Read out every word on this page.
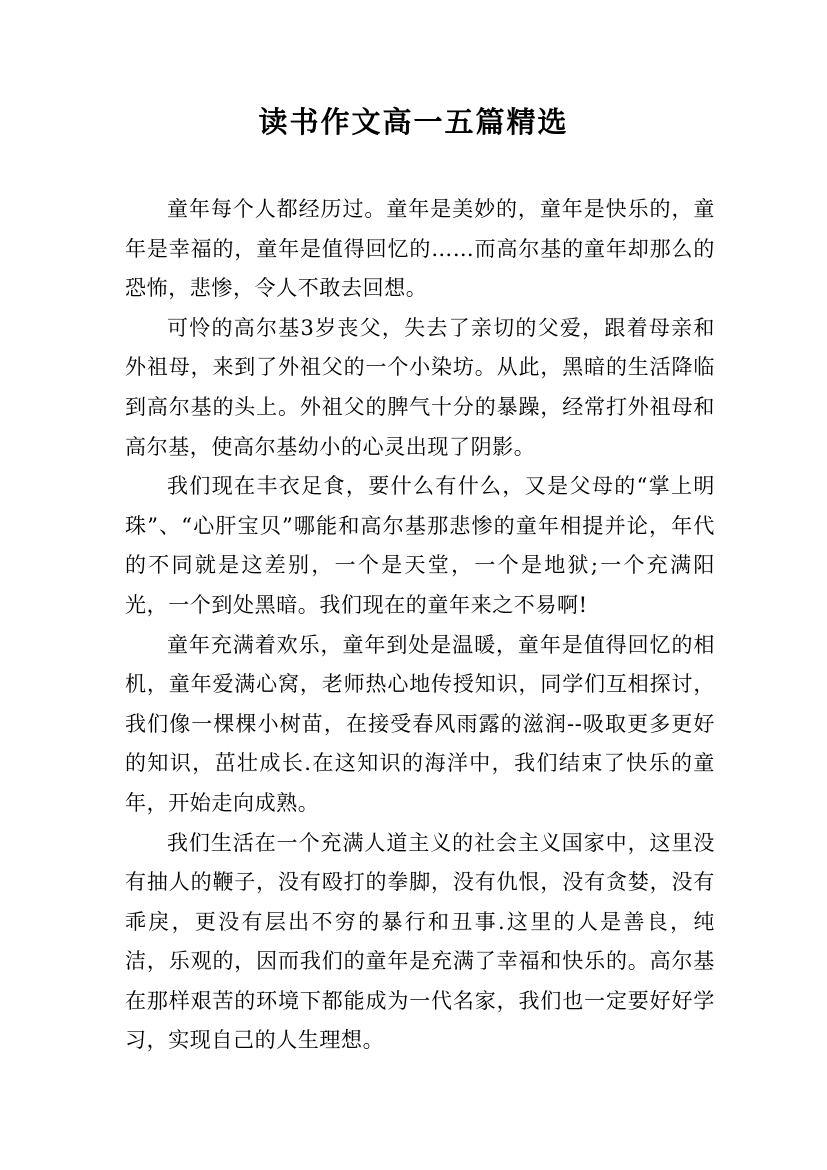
读书作文高一五篇精选

童年每个人都经历过。童年是美妙的，童年是快乐的，童年是幸福的，童年是值得回忆的……而高尔基的童年却那么的恐怖，悲惨，令人不敢去回想。

可怜的高尔基3岁丧父，失去了亲切的父爱，跟着母亲和外祖母，来到了外祖父的一个小染坊。从此，黑暗的生活降临到高尔基的头上。外祖父的脾气十分的暴躁，经常打外祖母和高尔基，使高尔基幼小的心灵出现了阴影。

我们现在丰衣足食，要什么有什么，又是父母的“掌上明珠”、“心肝宝贝”哪能和高尔基那悲惨的童年相提并论，年代的不同就是这差别，一个是天堂，一个是地狱;一个充满阳光，一个到处黑暗。我们现在的童年来之不易啊!

童年充满着欢乐，童年到处是温暖，童年是值得回忆的相机，童年爱满心窝，老师热心地传授知识，同学们互相探讨，我们像一棵棵小树苗，在接受春风雨露的滋润--吸取更多更好的知识，茁壮成长.在这知识的海洋中，我们结束了快乐的童年，开始走向成熟。

我们生活在一个充满人道主义的社会主义国家中，这里没有抽人的鞭子，没有殴打的拳脚，没有仇恨，没有贪婪，没有乖戾，更没有层出不穷的暴行和丑事.这里的人是善良，纯洁，乐观的，因而我们的童年是充满了幸福和快乐的。高尔基在那样艰苦的环境下都能成为一代名家，我们也一定要好好学习，实现自己的人生理想。
